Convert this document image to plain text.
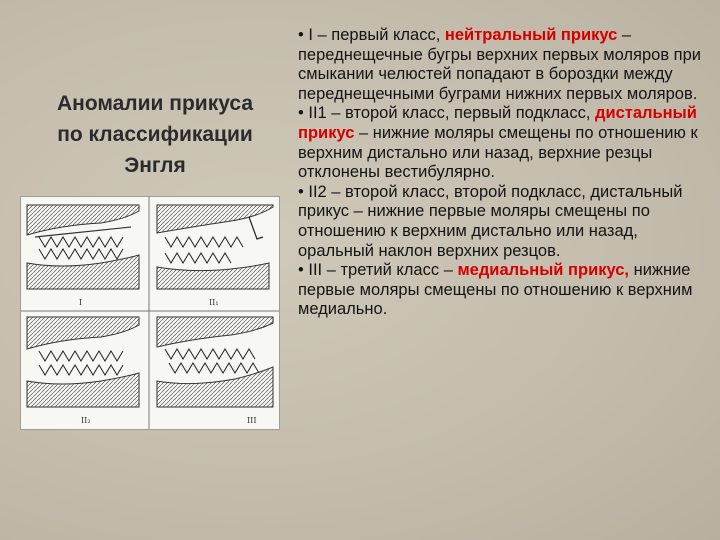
Аномалии прикуса
по классификации
Энгля
I	II₁
II₂	III

• I – первый класс, нейтральный прикус – переднещечные бугры верхних первых моляров при смыкании челюстей попадают в бороздки между переднещечными буграми нижних первых моляров.

• II1 – второй класс, первый подкласс, дистальный прикус – нижние моляры смещены по отношению к верхним дистально или назад, верхние резцы отклонены вестибулярно.

• II2 – второй класс, второй подкласс, дистальный прикус – нижние первые моляры смещены по отношению к верхним дистально или назад, оральный наклон верхних резцов.

• III – третий класс – медиальный прикус, нижние первые моляры смещены по отношению к верхним медиально.
